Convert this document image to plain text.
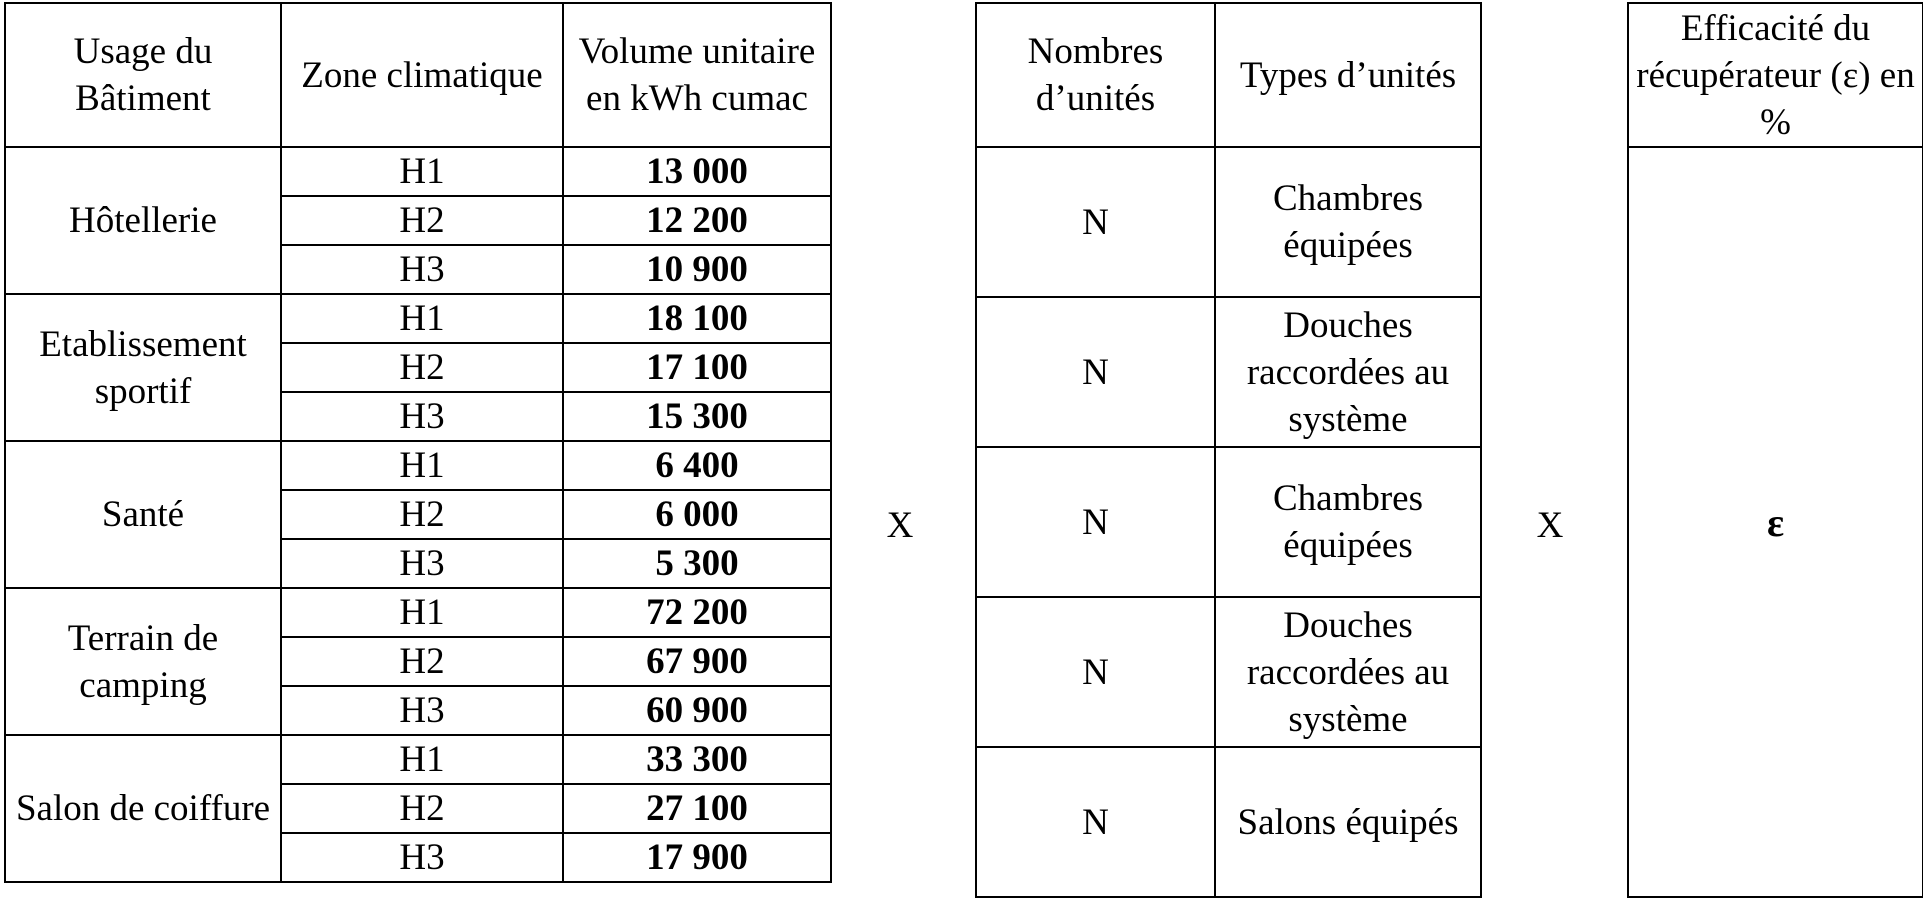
Usage du Bâtiment	Zone climatique	Volume unitaire en kWh cumac
Hôtellerie	H1	13 000
	H2	12 200
	H3	10 900
Etablissement sportif	H1	18 100
	H2	17 100
	H3	15 300
Santé	H1	6 400
	H2	6 000
	H3	5 300
Terrain de camping	H1	72 200
	H2	67 900
	H3	60 900
Salon de coiffure	H1	33 300
	H2	27 100
	H3	17 900
X
Nombres d’unités	Types d’unités
N	Chambres équipées
N	Douches raccordées au système
N	Chambres équipées
N	Douches raccordées au système
N	Salons équipés
X
Efficacité du récupérateur (ε) en %
ε
